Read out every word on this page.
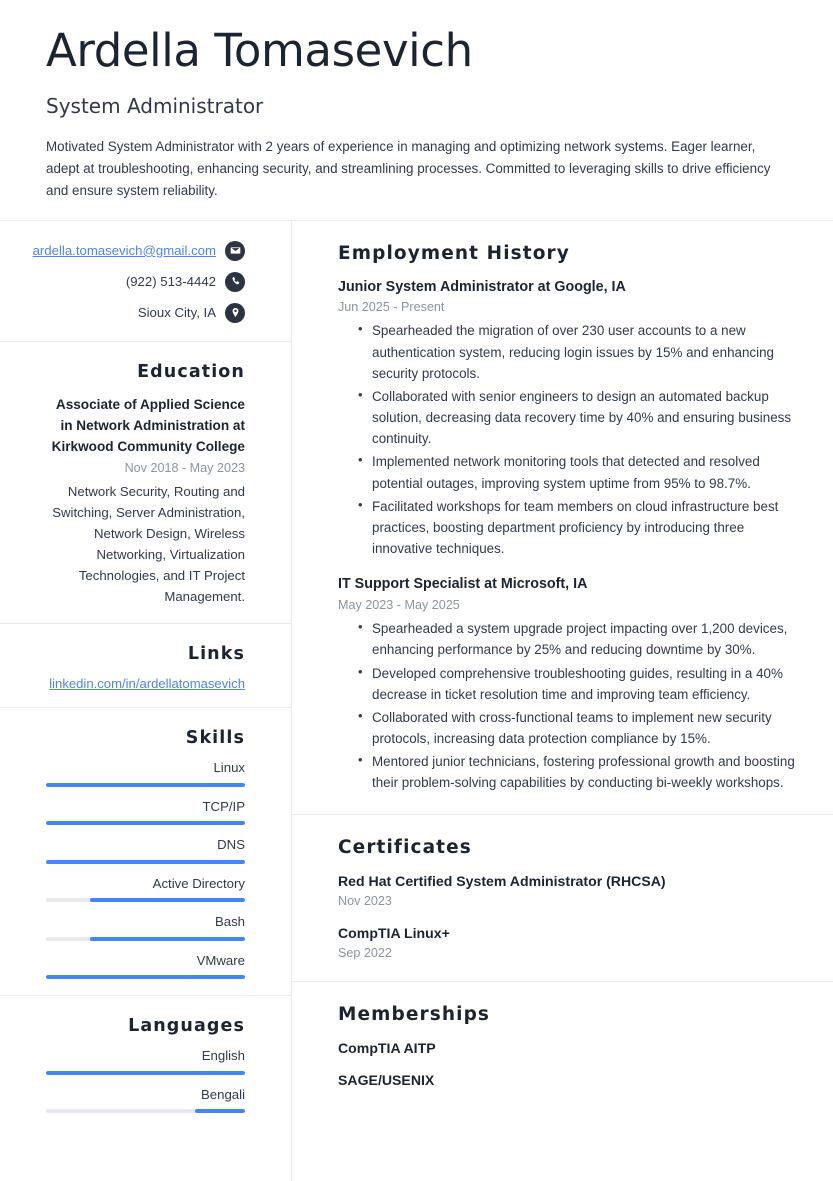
Ardella Tomasevich
System Administrator

Motivated System Administrator with 2 years of experience in managing and optimizing network systems. Eager learner, adept at troubleshooting, enhancing security, and streamlining processes. Committed to leveraging skills to drive efficiency and ensure system reliability.

ardella.tomasevich@gmail.com
(922) 513-4442
Sioux City, IA
Education

Associate of Applied Science in Network Administration at Kirkwood Community College

Nov 2018 - May 2023

Network Security, Routing and Switching, Server Administration, Network Design, Wireless Networking, Virtualization Technologies, and IT Project Management.

Links
linkedin.com/in/ardellatomasevich
Skills
Linux
TCP/IP
DNS
Active Directory
Bash
VMware
Languages
English
Bengali
Employment History
Junior System Administrator at Google, IA
Jun 2025 - Present
• Spearheaded the migration of over 230 user accounts to a new authentication system, reducing login issues by 15% and enhancing security protocols.
• Collaborated with senior engineers to design an automated backup solution, decreasing data recovery time by 40% and ensuring business continuity.
• Implemented network monitoring tools that detected and resolved potential outages, improving system uptime from 95% to 98.7%.
• Facilitated workshops for team members on cloud infrastructure best practices, boosting department proficiency by introducing three innovative techniques.
IT Support Specialist at Microsoft, IA
May 2023 - May 2025
• Spearheaded a system upgrade project impacting over 1,200 devices, enhancing performance by 25% and reducing downtime by 30%.
• Developed comprehensive troubleshooting guides, resulting in a 40% decrease in ticket resolution time and improving team efficiency.
• Collaborated with cross-functional teams to implement new security protocols, increasing data protection compliance by 15%.
• Mentored junior technicians, fostering professional growth and boosting their problem-solving capabilities by conducting bi-weekly workshops.
Certificates
Red Hat Certified System Administrator (RHCSA)
Nov 2023
CompTIA Linux+
Sep 2022
Memberships
CompTIA AITP
SAGE/USENIX
